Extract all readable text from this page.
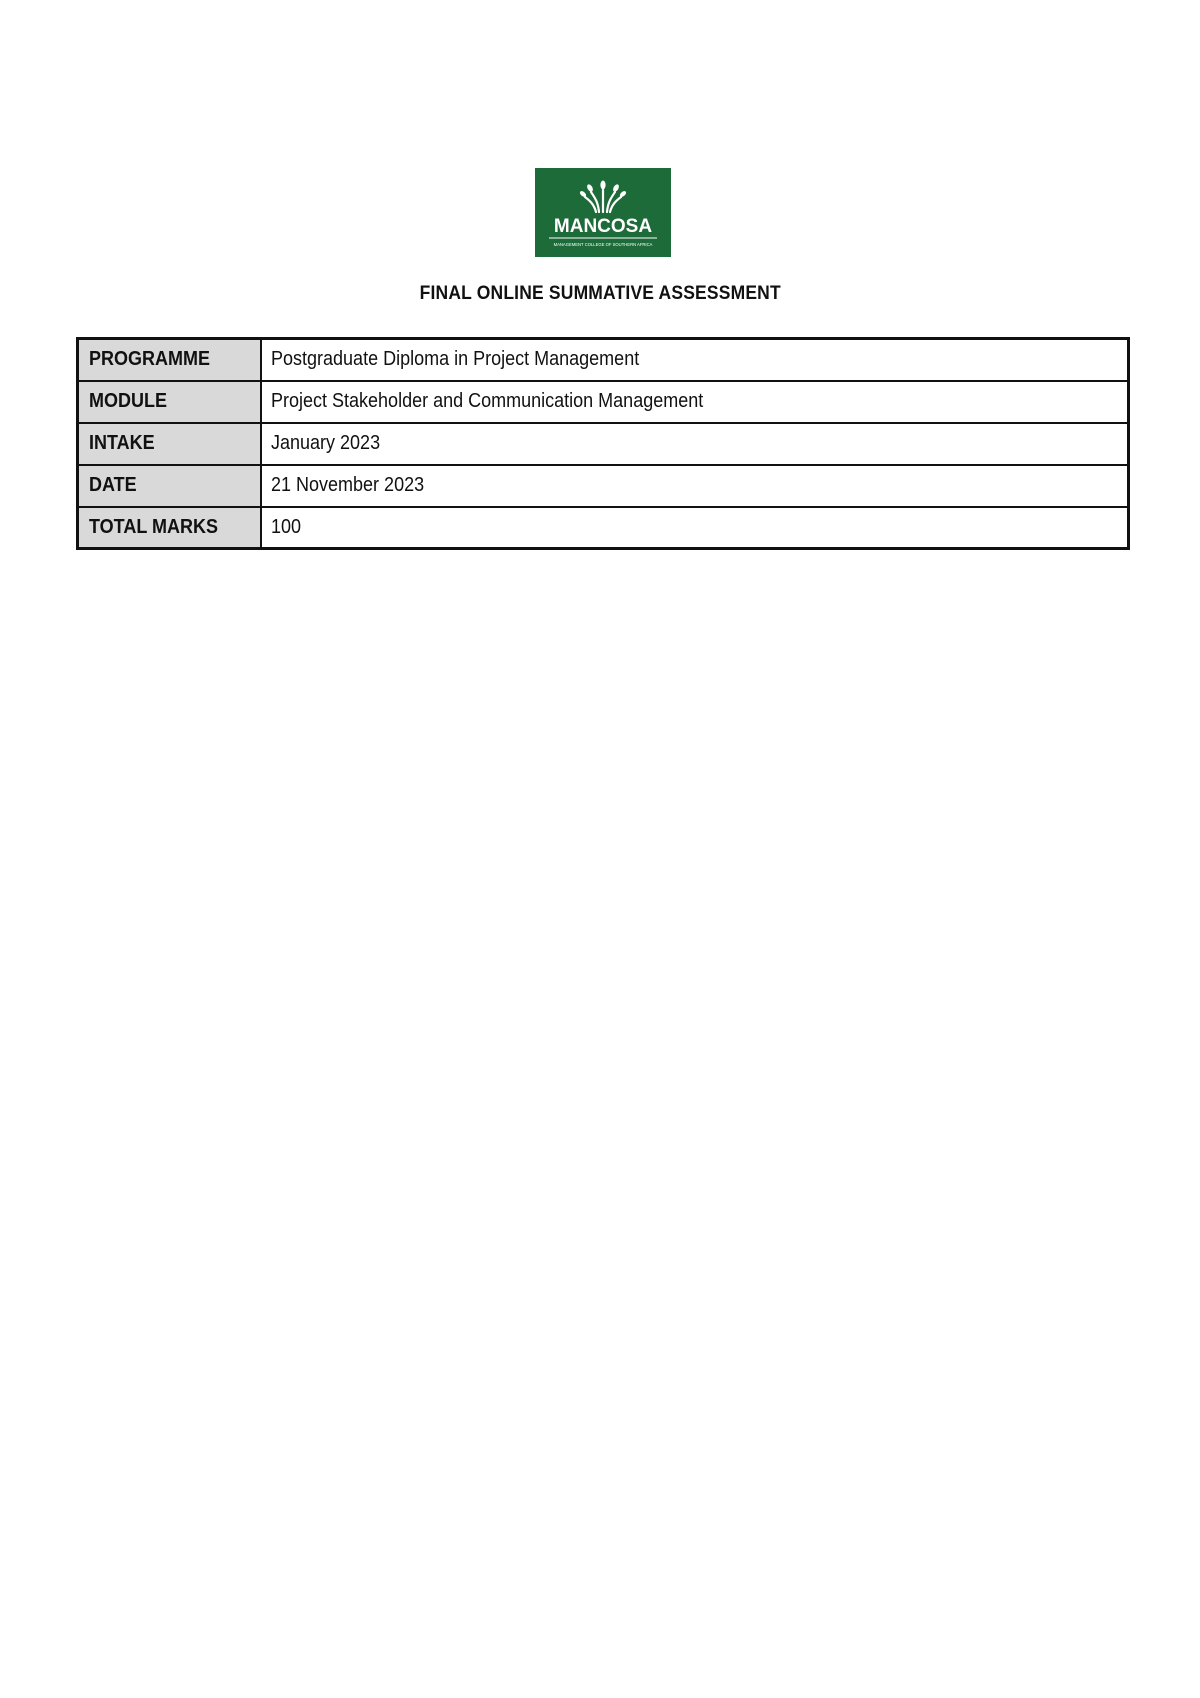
MANCOSA
MANAGEMENT COLLEGE OF SOUTHERN AFRICA
FINAL ONLINE SUMMATIVE ASSESSMENT
PROGRAMME	Postgraduate Diploma in Project Management
MODULE	Project Stakeholder and Communication Management
INTAKE	January 2023
DATE	21 November 2023
TOTAL MARKS	100
